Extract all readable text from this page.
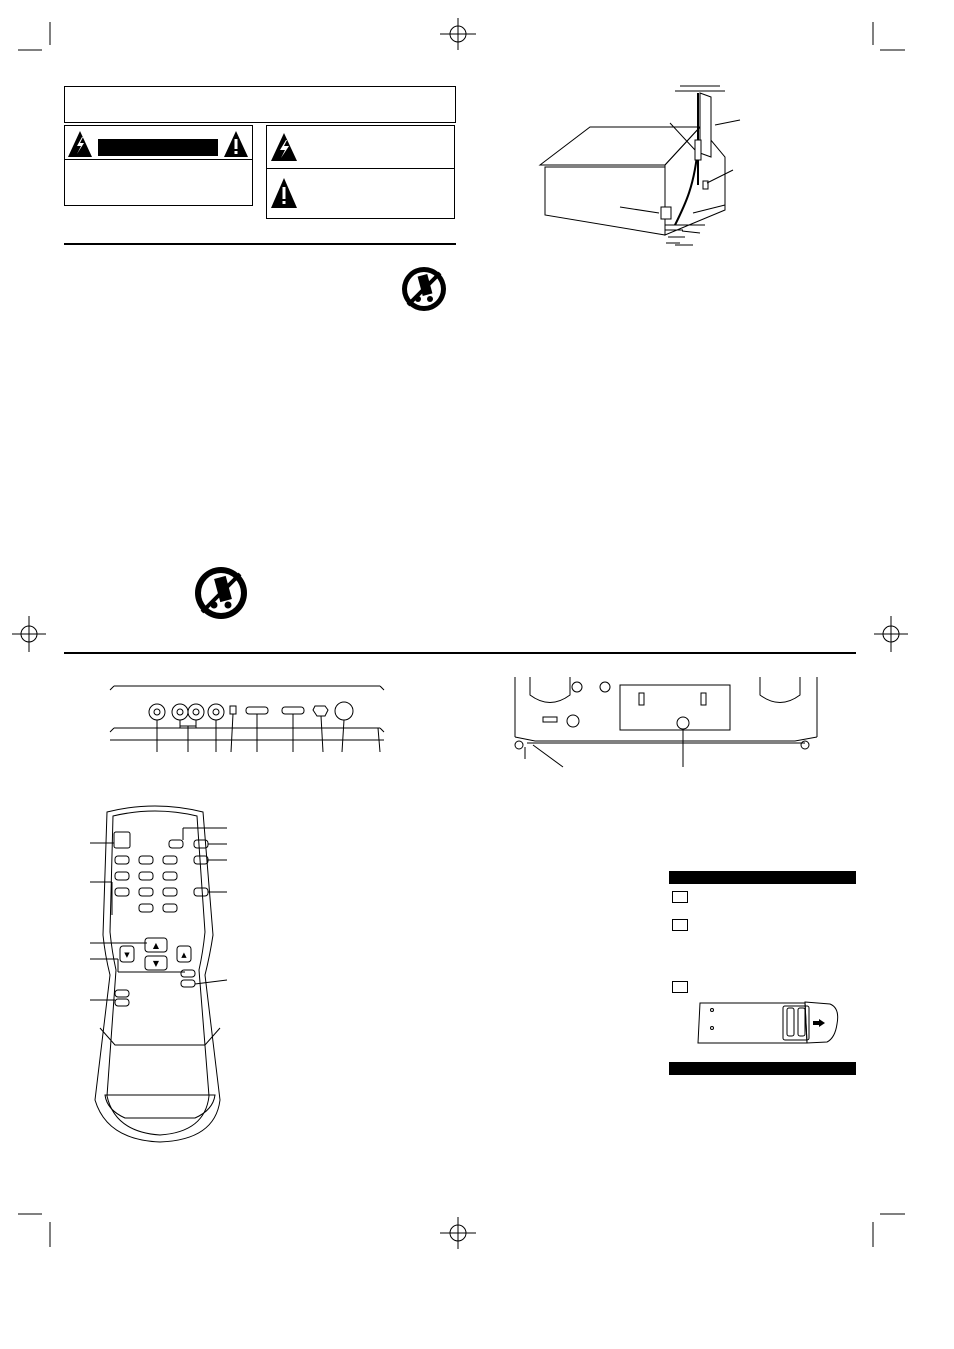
▲
▼
▼	▲
